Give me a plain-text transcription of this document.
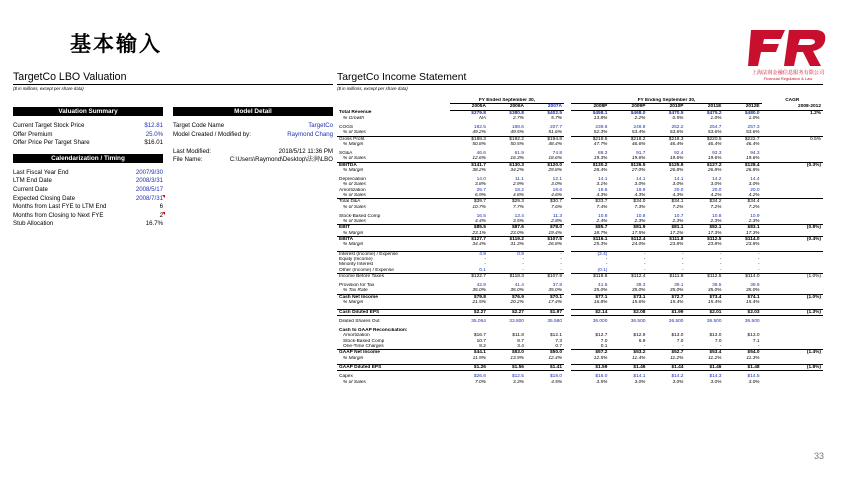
基本输入
上海法润金融信息服务有限公司
Financial Regulation & Law
TargetCo LBO Valuation
($ in millions, except per share data)
Valuation Summary
Current Target Stock Price	$12.81
Offer Premium	25.0%
Offer Price Per Target Share	$16.01
Calendarization / Timing
Last Fiscal Year End	2007/9/30
LTM End Date	2008/3/31
Current Date	2008/5/17
Expected Closing Date	2008/7/31
Months from Last FYE to LTM End	6
Months from Closing to Next FYE	2
Stub Allocation	16.7%
Model Detail
Target Code Name	TargetCo
Model Created / Modified by:	Raymond Chang
Last Modified:	2018/5/12 11:36 PM
File Name:	C:\Users\Raymond\Desktop\法润\LBO
TargetCo Income Statement
($ in millions, except per share data)
	FY Ended September 30,				FY Ending September 30,					CAGR
	2005A	2006A	2007A		2008P	2009P	2010P	2011E	2012E	2008-2012
Total Revenue	$379.8	$380.8	$402.5		$458.1	$468.0	$470.5	$475.2	$480.0	1.2%
% Growth	NA	2.7%	5.7%		13.8%	2.2%	0.5%	1.0%	1.0%	

COGS	182.5	188.6	207.7		239.6	249.8	252.2	254.7	257.3	
% of Sales	49.2%	49.5%	51.6%		52.3%	53.4%	53.6%	53.6%	53.6%	
Gross Profit	$188.3	$192.2	$194.8		$218.5	$218.2	$218.3	$220.5	$222.7	0.5%
% Margin	50.8%	50.5%	48.4%		47.7%	46.6%	46.4%	46.4%	46.4%	

SG&A	46.6	61.9	74.8		88.3	91.7	92.4	93.3	94.3	
% of Sales	12.6%	16.3%	18.6%		19.3%	19.6%	19.6%	19.6%	19.6%	
EBITDA	$141.7	$130.3	$120.0		$130.2	$126.5	$125.9	$127.2	$128.4	(0.3%)
% Margin	38.2%	34.2%	29.8%		28.4%	27.0%	26.8%	26.8%	26.8%	

Depreciation	14.0	11.1	12.1		14.1	14.1	14.1	14.2	14.4	
% of Sales	3.8%	2.9%	3.0%		3.1%	3.0%	3.0%	3.0%	3.0%	
Amortization	25.7	18.2	18.6		19.6	19.9	20.0	20.0	20.0	
% of Sales	6.9%	4.8%	4.6%		4.3%	4.3%	4.3%	4.2%	4.2%	
Total D&A	$39.7	$29.3	$30.7		$33.7	$34.0	$34.1	$34.2	$34.4	
% of Sales	10.7%	7.7%	7.6%		7.4%	7.3%	7.2%	7.2%	7.2%	

Stock-Based Comp	16.5	13.4	11.3		10.8	10.8	10.7	10.8	10.9	
% of Sales	4.4%	3.5%	2.8%		2.4%	2.3%	2.3%	2.3%	2.3%	
EBIT	$85.5	$87.6	$78.0		$85.7	$81.9	$81.1	$82.1	$83.1	(0.8%)
% Margin	23.1%	23.0%	19.4%		18.7%	17.5%	17.2%	17.3%	17.3%	
EBITA	$127.7	$119.2	$107.5		$116.1	$112.4	$111.8	$112.5	$114.0	(0.4%)
% Margin	34.4%	31.3%	26.8%		25.3%	24.0%	23.8%	23.8%	23.8%	

Interest (Income) / Expense	4.9	0.9	-		(2.4)	-	-	-	-	
Equity (Income)	-	-	-		-	-	-	-	-	
Minority Interest	-	-	-		-	-	-	-	-	
Other (Income) / Expense	0.1	-	-		(0.1)	-	-	-	-	
Income Before Taxes	$122.7	$118.3	$107.9		$118.6	$112.4	$111.8	$112.5	$114.0	(1.0%)

Provision for Tax	42.9	41.4	37.8		41.5	39.3	39.1	39.5	39.9	
% Tax Rate	35.0%	35.0%	35.0%		35.0%	35.0%	35.0%	35.0%	35.0%	
Cash Net Income	$79.8	$76.9	$70.1		$77.1	$73.1	$72.7	$73.4	$74.1	(1.0%)
% Margin	21.5%	20.2%	17.4%		16.8%	15.6%	15.4%	15.4%	15.4%	

Cash Diluted EPS	$2.27	$2.27	$1.97		$2.14	$2.08	$1.99	$2.01	$2.03	(1.3%)

Diluted Shares Out	35.064	33.800	35.580		36.000	36.500	36.500	36.500	36.500	

Cash to GAAP Reconciliation:										
Amortization	$16.7	$11.8	$12.1		$12.7	$12.9	$13.0	$13.0	$13.0	
Stock-Based Comp	10.7	8.7	7.3		7.0	6.9	7.0	7.0	7.1	
One-Time Charges	8.2	3.4	0.7		0.1	-	-	-	-	
GAAP Net Income	$44.1	$53.0	$50.0		$57.2	$53.2	$52.7	$53.4	$54.0	(1.4%)
% Margin	11.9%	13.9%	12.4%		12.5%	11.4%	11.2%	11.2%	11.3%	

GAAP Diluted EPS	$1.26	$1.56	$1.41		$1.59	$1.46	$1.44	$1.46	$1.48	(1.8%)

Capex	$26.6	$12.5	$18.0		$16.0	$14.1	$14.2	$14.3	$14.5	
% of Sales	7.0%	3.3%	4.5%		3.5%	3.0%	3.0%	3.0%	3.0%	
33
